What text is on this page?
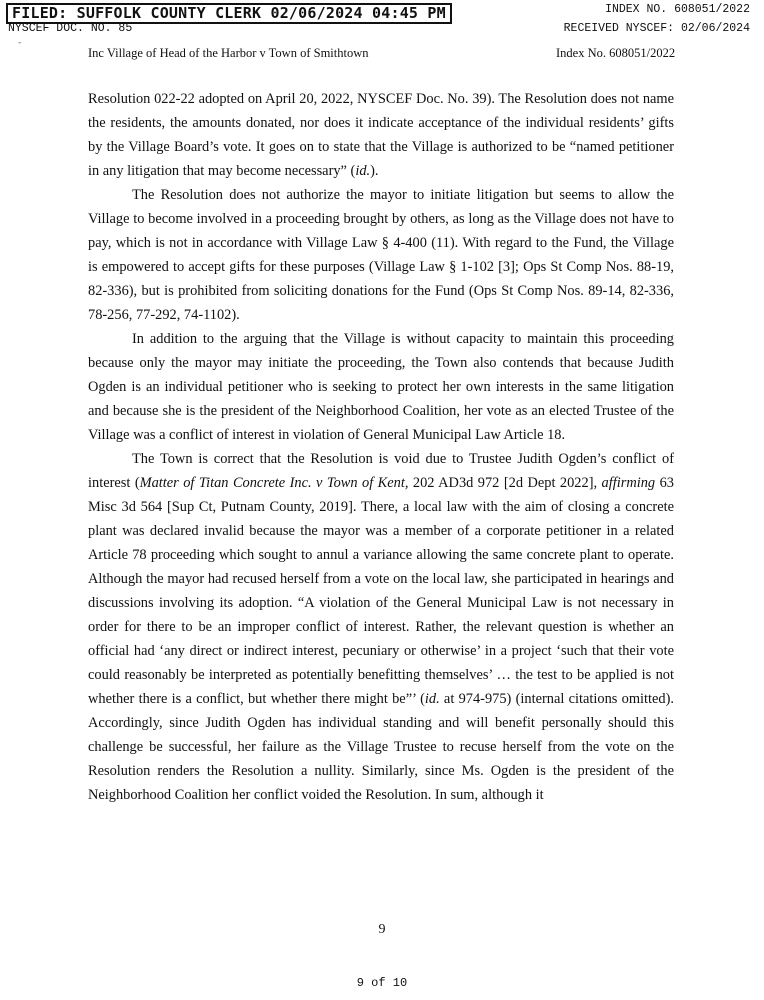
FILED: SUFFOLK COUNTY CLERK 02/06/2024 04:45 PM	INDEX NO. 608051/2022
NYSCEF DOC. NO. 85	RECEIVED NYSCEF: 02/06/2024
-
Inc Village of Head of the Harbor v Town of Smithtown	Index No. 608051/2022

Resolution 022-22 adopted on April 20, 2022, NYSCEF Doc. No. 39). The Resolution does not name the residents, the amounts donated, nor does it indicate acceptance of the individual residents’ gifts by the Village Board’s vote. It goes on to state that the Village is authorized to be “named petitioner in any litigation that may become necessary” (id.).

The Resolution does not authorize the mayor to initiate litigation but seems to allow the Village to become involved in a proceeding brought by others, as long as the Village does not have to pay, which is not in accordance with Village Law § 4-400 (11). With regard to the Fund, the Village is empowered to accept gifts for these purposes (Village Law § 1-102 [3]; Ops St Comp Nos. 88-19, 82-336), but is prohibited from soliciting donations for the Fund (Ops St Comp Nos. 89-14, 82-336, 78-256, 77-292, 74-1102).

In addition to the arguing that the Village is without capacity to maintain this proceeding because only the mayor may initiate the proceeding, the Town also contends that because Judith Ogden is an individual petitioner who is seeking to protect her own interests in the same litigation and because she is the president of the Neighborhood Coalition, her vote as an elected Trustee of the Village was a conflict of interest in violation of General Municipal Law Article 18.

The Town is correct that the Resolution is void due to Trustee Judith Ogden’s conflict of interest (Matter of Titan Concrete Inc. v Town of Kent, 202 AD3d 972 [2d Dept 2022], affirming 63 Misc 3d 564 [Sup Ct, Putnam County, 2019]. There, a local law with the aim of closing a concrete plant was declared invalid because the mayor was a member of a corporate petitioner in a related Article 78 proceeding which sought to annul a variance allowing the same concrete plant to operate. Although the mayor had recused herself from a vote on the local law, she participated in hearings and discussions involving its adoption. “A violation of the General Municipal Law is not necessary in order for there to be an improper conflict of interest. Rather, the relevant question is whether an official had ‘any direct or indirect interest, pecuniary or otherwise’ in a project ‘such that their vote could reasonably be interpreted as potentially benefitting themselves’ … the test to be applied is not whether there is a conflict, but whether there might be”’ (id. at 974-975) (internal citations omitted). Accordingly, since Judith Ogden has individual standing and will benefit personally should this challenge be successful, her failure as the Village Trustee to recuse herself from the vote on the Resolution renders the Resolution a nullity. Similarly, since Ms. Ogden is the president of the Neighborhood Coalition her conflict voided the Resolution. In sum, although it

9
9 of 10
